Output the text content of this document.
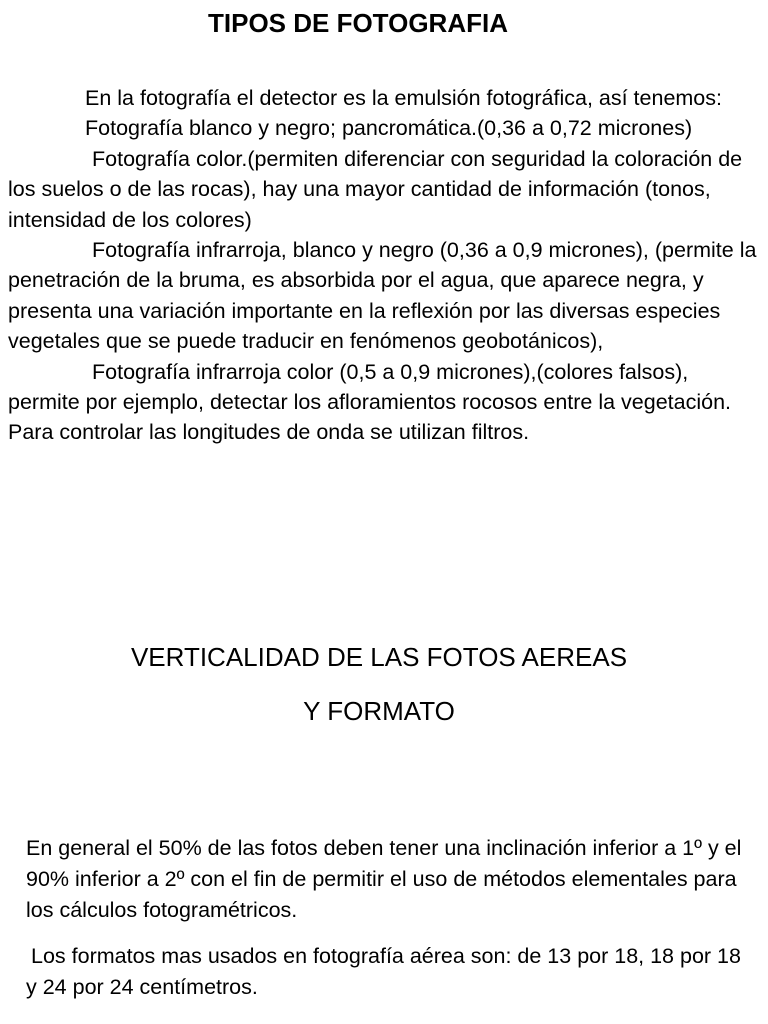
TIPOS DE FOTOGRAFIA

En la fotografía el detector es la emulsión fotográfica, así tenemos:

Fotografía blanco y negro; pancromática.(0,36 a 0,72 micrones)

Fotografía color.(permiten diferenciar con seguridad la coloración de los suelos o de las rocas), hay una mayor cantidad de información (tonos, intensidad de los colores)

Fotografía infrarroja, blanco y negro (0,36 a 0,9 micrones), (permite la penetración de la bruma, es absorbida por el agua, que aparece negra, y presenta una variación importante en la reflexión por las diversas especies vegetales que se puede traducir en fenómenos geobotánicos),

Fotografía infrarroja color (0,5 a 0,9 micrones),(colores falsos), permite por ejemplo, detectar los afloramientos rocosos entre la vegetación.

Para controlar las longitudes de onda se utilizan filtros.

VERTICALIDAD DE LAS FOTOS AEREAS
Y FORMATO

En general el 50% de las fotos deben tener una inclinación inferior a 1º y el 90% inferior a 2º con el fin de permitir el uso de métodos elementales para los cálculos fotogramétricos.

Los formatos mas usados en fotografía aérea son: de 13 por 18, 18 por 18 y 24 por 24 centímetros.
